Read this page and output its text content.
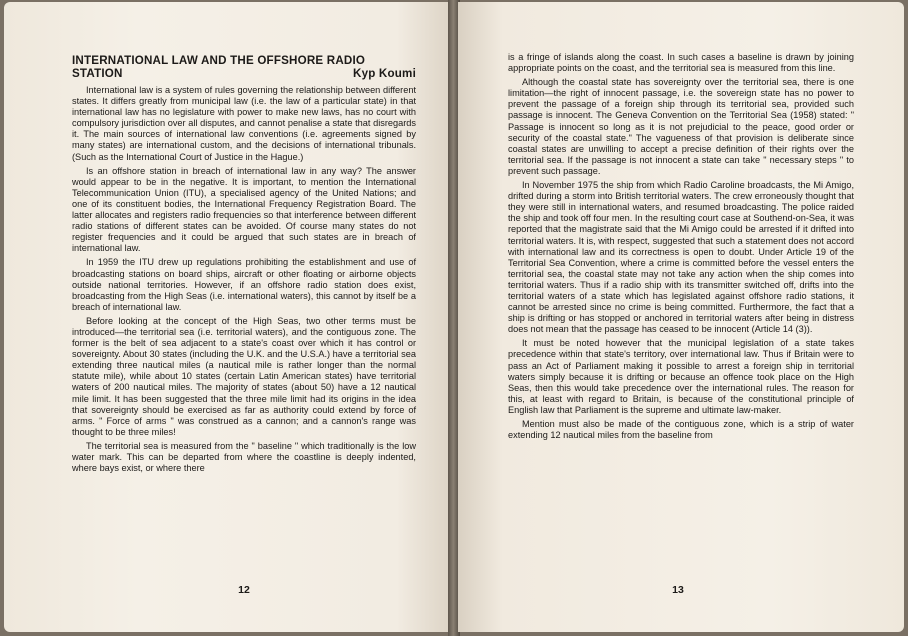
INTERNATIONAL LAW AND THE OFFSHORE RADIO
STATION	Kyp Koumi

International law is a system of rules governing the relationship between different states. It differs greatly from municipal law (i.e. the law of a particular state) in that international law has no legislature with power to make new laws, has no court with compulsory jurisdiction over all disputes, and cannot penalise a state that disregards it. The main sources of international law conventions (i.e. agreements signed by many states) are international custom, and the decisions of international tribunals. (Such as the International Court of Justice in the Hague.)

Is an offshore station in breach of international law in any way? The answer would appear to be in the negative. It is important, to mention the International Telecommunication Union (ITU), a specialised agency of the United Nations; and one of its constituent bodies, the International Frequency Registration Board. The latter allocates and registers radio frequencies so that interference between different radio stations of different states can be avoided. Of course many states do not register frequencies and it could be argued that such states are in breach of international law.

In 1959 the ITU drew up regulations prohibiting the establishment and use of broadcasting stations on board ships, aircraft or other floating or airborne objects outside national territories. However, if an offshore radio station does exist, broadcasting from the High Seas (i.e. international waters), this cannot by itself be a breach of international law.

Before looking at the concept of the High Seas, two other terms must be introduced—the territorial sea (i.e. territorial waters), and the contiguous zone. The former is the belt of sea adjacent to a state's coast over which it has control or sovereignty. About 30 states (including the U.K. and the U.S.A.) have a territorial sea extending three nautical miles (a nautical mile is rather longer than the normal statute mile), while about 10 states (certain Latin American states) have territorial waters of 200 nautical miles. The majority of states (about 50) have a 12 nautical mile limit. It has been suggested that the three mile limit had its origins in the idea that sovereignty should be exercised as far as authority could extend by force of arms. " Force of arms " was construed as a cannon; and a cannon's range was thought to be three miles!

The territorial sea is measured from the " baseline " which traditionally is the low water mark. This can be departed from where the coastline is deeply indented, where bays exist, or where there

12

is a fringe of islands along the coast. In such cases a baseline is drawn by joining appropriate points on the coast, and the territorial sea is measured from this line.

Although the coastal state has sovereignty over the territorial sea, there is one limitation—the right of innocent passage, i.e. the sovereign state has no power to prevent the passage of a foreign ship through its territorial sea, provided such passage is innocent. The Geneva Convention on the Territorial Sea (1958) stated: " Passage is innocent so long as it is not prejudicial to the peace, good order or security of the coastal state." The vagueness of that provision is deliberate since coastal states are unwilling to accept a precise definition of their rights over the territorial sea. If the passage is not innocent a state can take " necessary steps " to prevent such passage.

In November 1975 the ship from which Radio Caroline broadcasts, the Mi Amigo, drifted during a storm into British territorial waters. The crew erroneously thought that they were still in international waters, and resumed broadcasting. The police raided the ship and took off four men. In the resulting court case at Southend-on-Sea, it was reported that the magistrate said that the Mi Amigo could be arrested if it drifted into territorial waters. It is, with respect, suggested that such a statement does not accord with international law and its correctness is open to doubt. Under Article 19 of the Territorial Sea Convention, where a crime is committed before the vessel enters the territorial sea, the coastal state may not take any action when the ship comes into territorial waters. Thus if a radio ship with its transmitter switched off, drifts into the territorial waters of a state which has legislated against offshore radio stations, it cannot be arrested since no crime is being committed. Furthermore, the fact that a ship is drifting or has stopped or anchored in territorial waters after being in distress does not mean that the passage has ceased to be innocent (Article 14 (3)).

It must be noted however that the municipal legislation of a state takes precedence within that state's territory, over international law. Thus if Britain were to pass an Act of Parliament making it possible to arrest a foreign ship in territorial waters simply because it is drifting or because an offence took place on the High Seas, then this would take precedence over the international rules. The reason for this, at least with regard to Britain, is because of the constitutional principle of English law that Parliament is the supreme and ultimate law-maker.

Mention must also be made of the contiguous zone, which is a strip of water extending 12 nautical miles from the baseline from

13
